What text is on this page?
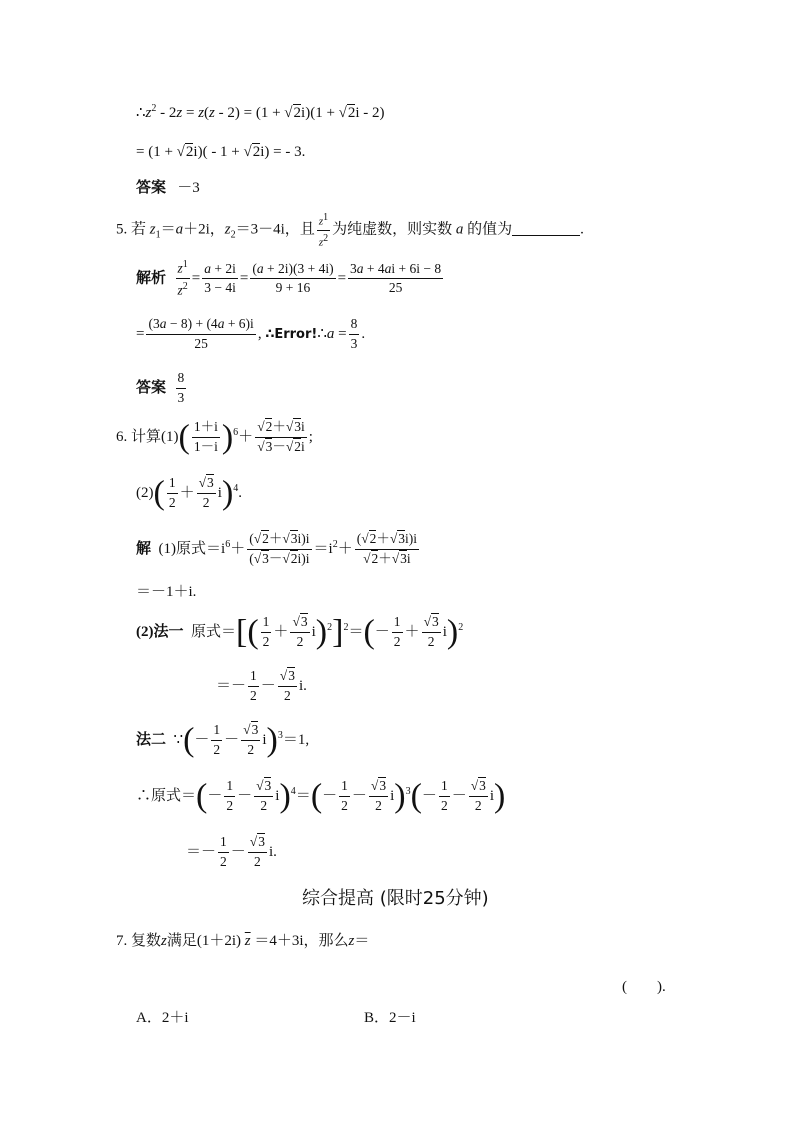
$\therefore z^2 - 2z = z(z - 2) = (1 + √2i)(1 + √2i - 2)$
= (1 + √2i)( - 1 + √2i) = - 3.
答案 －3
5. 若 $z_1=a+2i$，$z_2=3-4i$，且 $\frac{z^1}{z^2}$ 为纯虚数，则实数 a 的值为	.
解析 $\frac{z^1}{z^2} = \frac{a + 2i}{3 - 4i} = \frac{(a + 2i)(3 + 4i)}{9 + 16} = \frac{3a + 4ai + 6i - 8}{25}$
= $\frac{(3a - 8) + (4a + 6)i}{25}$ , ∴Error!∴a = $\frac{8}{3}$ .
答案 $\frac{8}{3}$
6. 计算$(1)( \frac{1+i}{1-i} )^6+ \frac{√2+√3i}{√3-√2i}$ ;
$(2)( \frac{1}{2} + \frac{√3}{2} i)^4$.
解  (1)原式$=i^6+ \frac{(√2+√3i)i}{(√3-√2i)i} =i^2+ \frac{(√2+√3i)i}{√2+√3i}$
＝－1＋i.
(2)法一  原式＝[( $\frac{1}{2} + \frac{√3}{2} i)^2]^2=(- \frac{1}{2} + \frac{√3}{2} i)^2$
＝－ $\frac{1}{2} - \frac{√3}{2} i$.
法二  ∵(－ $\frac{1}{2} - \frac{√3}{2} i)^3=1$,
∴原式＝(－ $\frac{1}{2} - \frac{√3}{2} i)^4=(- \frac{1}{2} - \frac{√3}{2} i)^3(- \frac{1}{2} - \frac{√3}{2} i)$
＝－ $\frac{1}{2} - \frac{√3}{2} i$.
综合提高 (限时25分钟)
7. 复数z满足(1＋2i) $\overline{z} =4+3i$，那么z＝
(　　).
A．2＋i	B．2－i
